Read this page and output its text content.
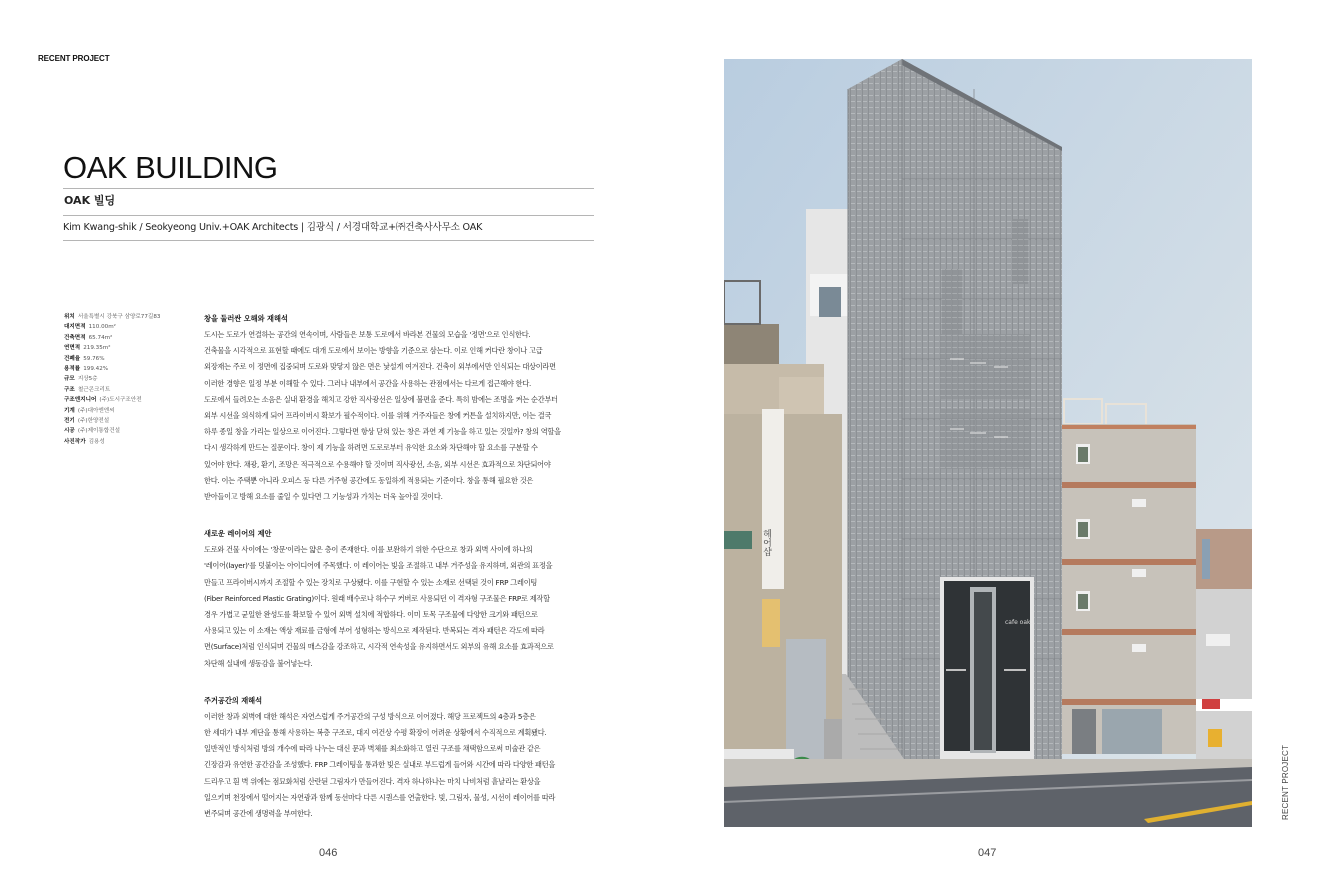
RECENT PROJECT
OAK BUILDING
OAK 빌딩
Kim Kwang-shik / Seokyeong Univ.+OAK Architects | 김광식 / 서경대학교+㈜건축사사무소 OAK
위치 서울특별시 강북구 삼양로77길83
대지면적 110.00m²
건축면적 65.74m²
연면적 219.35m²
건폐율 59.76%
용적률 199.42%
규모 지상5층
구조 철근콘크리트
구조엔지니어 (주)도시구조안전
기계 (주)대아엔엔씨
전기 (주)한양전설
시공 (주)제이통합건설
사진작가 김용성
창을 둘러싼 오해와 재해석

도시는 도로가 연결하는 공간의 연속이며, 사람들은 보통 도로에서 바라본 건물의 모습을 '정면'으로 인식한다.
건축물을 시각적으로 표현할 때에도 대개 도로에서 보이는 방향을 기준으로 삼는다. 이로 인해 커다란 창이나 고급
외장재는 주로 이 정면에 집중되며 도로와 맞닿지 않은 면은 낯설게 여겨진다. 건축이 외부에서만 인식되는 대상이라면
이러한 경향은 일정 부분 이해할 수 있다. 그러나 내부에서 공간을 사용하는 관점에서는 다르게 접근해야 한다.
도로에서 들려오는 소음은 실내 환경을 해치고 강한 직사광선은 일상에 불편을 준다. 특히 밤에는 조명을 켜는 순간부터
외부 시선을 의식하게 되어 프라이버시 확보가 필수적이다. 이를 위해 거주자들은 창에 커튼을 설치하지만, 이는 결국
하루 종일 창을 가리는 일상으로 이어진다. 그렇다면 항상 닫혀 있는 창은 과연 제 기능을 하고 있는 것일까? 창의 역할을
다시 생각하게 만드는 질문이다. 창이 제 기능을 하려면 도로로부터 유익한 요소와 차단해야 할 요소를 구분할 수
있어야 한다. 채광, 환기, 조망은 적극적으로 수용해야 할 것이며 직사광선, 소음, 외부 시선은 효과적으로 차단되어야
한다. 이는 주택뿐 아니라 오피스 등 다른 거주형 공간에도 동일하게 적용되는 기준이다. 창을 통해 필요한 것은
받아들이고 방해 요소를 줄일 수 있다면 그 기능성과 가치는 더욱 높아질 것이다.

새로운 레이어의 제안

도로와 건물 사이에는 '창문'이라는 얇은 층이 존재한다. 이를 보완하기 위한 수단으로 창과 외벽 사이에 하나의
'레이어(layer)'를 덧붙이는 아이디어에 주목했다. 이 레이어는 빛을 조절하고 내부 거주성을 유지하며, 외관의 표정을
만들고 프라이버시까지 조절할 수 있는 장치로 구상됐다. 이를 구현할 수 있는 소재로 선택된 것이 FRP 그레이팅
(Fiber Reinforced Plastic Grating)이다. 원래 배수로나 하수구 커버로 사용되던 이 격자형 구조물은 FRP로 제작할
경우 가볍고 균일한 완성도를 확보할 수 있어 외벽 설치에 적합하다. 이미 토목 구조물에 다양한 크기와 패턴으로
사용되고 있는 이 소재는 액상 재료를 금형에 부어 성형하는 방식으로 제작된다. 반복되는 격자 패턴은 각도에 따라
면(Surface)처럼 인식되며 건물의 매스감을 강조하고, 시각적 연속성을 유지하면서도 외부의 유해 요소를 효과적으로
차단해 실내에 생동감을 불어넣는다.

주거공간의 재해석

이러한 창과 외벽에 대한 해석은 자연스럽게 주거공간의 구성 방식으로 이어졌다. 해당 프로젝트의 4층과 5층은
한 세대가 내부 계단을 통해 사용하는 복층 구조로, 대지 여건상 수평 확장이 어려운 상황에서 수직적으로 계획됐다.
일반적인 방식처럼 방의 개수에 따라 나누는 대신 문과 벽체를 최소화하고 열린 구조를 채택함으로써 미술관 같은
긴장감과 유연한 공간감을 조성했다. FRP 그레이팅을 통과한 빛은 실내로 부드럽게 들어와 시간에 따라 다양한 패턴을
드리우고 흰 벽 위에는 점묘화처럼 산란된 그림자가 만들어진다. 격자 하나하나는 마치 나비처럼 흩날리는 환상을
일으키며 천장에서 떨어지는 자연광과 함께 동선마다 다른 시퀀스를 연출한다. 빛, 그림자, 물성, 시선이 레이어를 따라
변주되며 공간에 생명력을 부여한다.

cafe oak
헤어샵
RECENT PROJECT
046	047
